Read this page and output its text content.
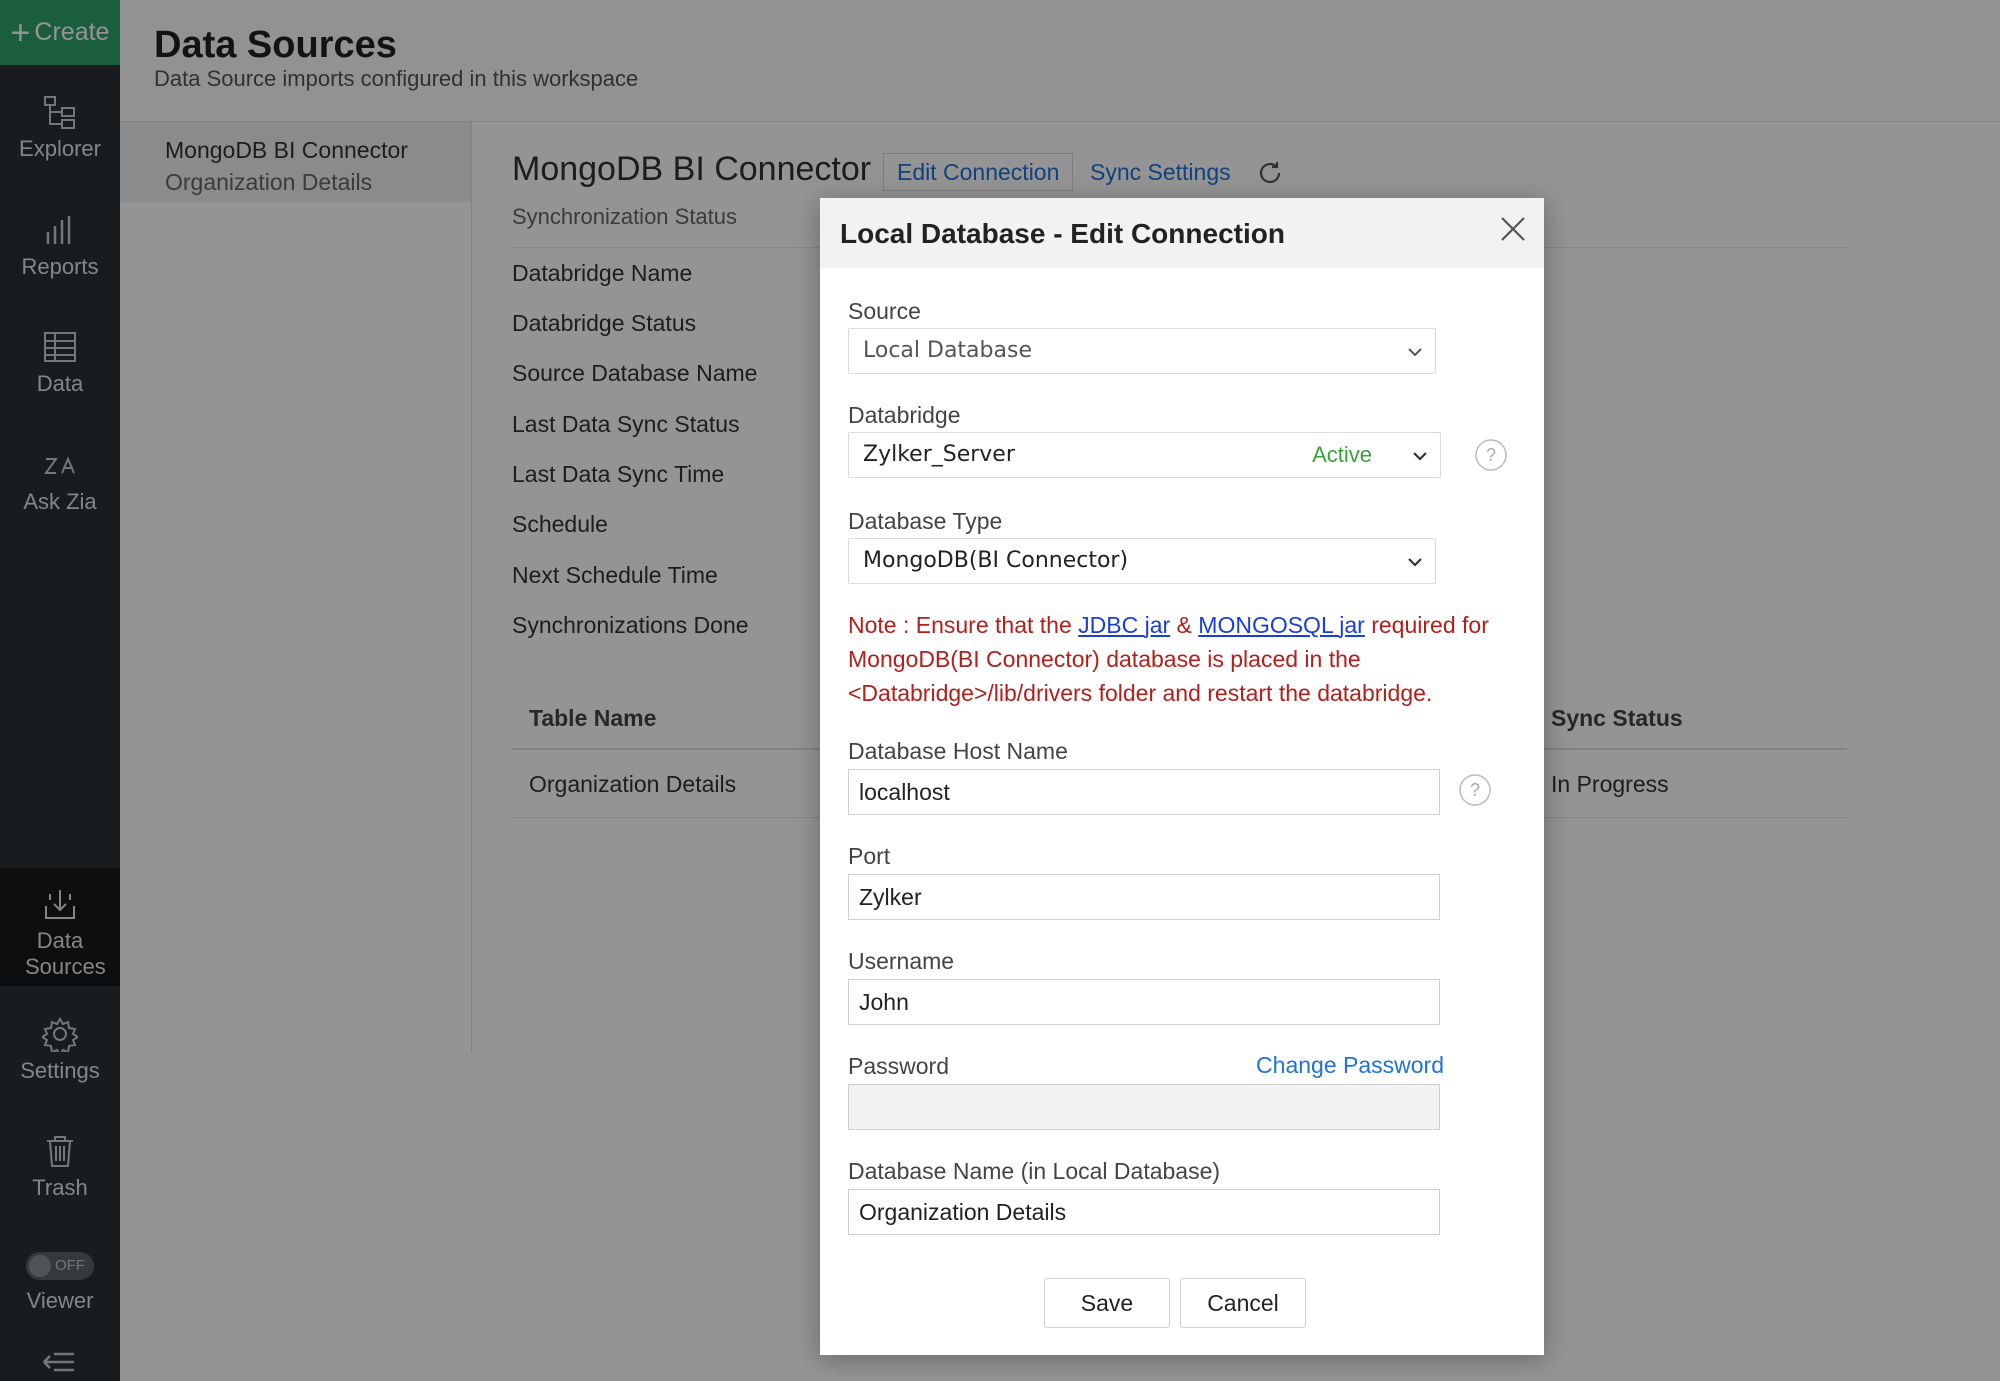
+ Create
Explorer
Reports
Data
Ask Zia
Data Sources
Settings
Trash
OFF
Viewer
Data Sources
Data Source imports configured in this workspace
MongoDB BI Connector
Organization Details	MongoDB BI Connector	Edit Connection	Sync Settings
Synchronization Status
Databridge Name
Databridge Status
Source Database Name
Last Data Sync Status
Last Data Sync Time
Schedule
Next Schedule Time
Synchronizations Done
Table Name	Sync Status
Organization Details	In Progress
Local Database - Edit Connection
Source
Local Database
Databridge
Zylker_Server	Active	?
Database Type
MongoDB(BI Connector)
Note : Ensure that the JDBC jar & MONGOSQL jar required for MongoDB(BI Connector) database is placed in the <Databridge>/lib/drivers folder and restart the databridge.
Database Host Name
localhost
?
Port
Zylker
Username
John
Password	Change Password
Database Name (in Local Database)
Organization Details
Save	Cancel
